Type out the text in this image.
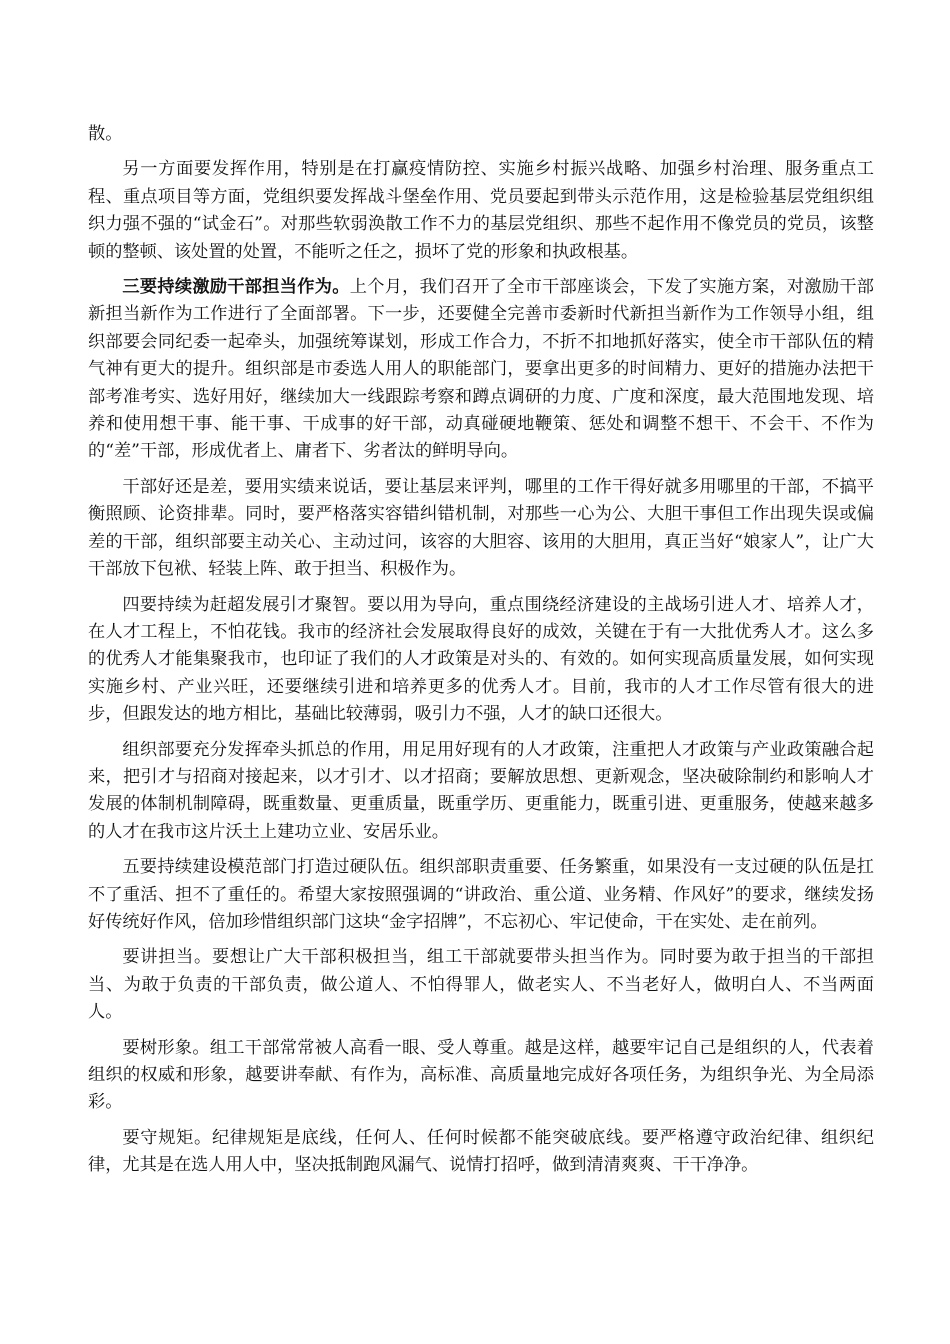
散。

另一方面要发挥作用，特别是在打赢疫情防控、实施乡村振兴战略、加强乡村治理、服务重点工程、重点项目等方面，党组织要发挥战斗堡垒作用、党员要起到带头示范作用，这是检验基层党组织组织力强不强的“试金石”。对那些软弱涣散工作不力的基层党组织、那些不起作用不像党员的党员，该整顿的整顿、该处置的处置，不能听之任之，损坏了党的形象和执政根基。

三要持续激励干部担当作为。上个月，我们召开了全市干部座谈会，下发了实施方案，对激励干部新担当新作为工作进行了全面部署。下一步，还要健全完善市委新时代新担当新作为工作领导小组，组织部要会同纪委一起牵头，加强统筹谋划，形成工作合力，不折不扣地抓好落实，使全市干部队伍的精气神有更大的提升。组织部是市委选人用人的职能部门，要拿出更多的时间精力、更好的措施办法把干部考准考实、选好用好，继续加大一线跟踪考察和蹲点调研的力度、广度和深度，最大范围地发现、培养和使用想干事、能干事、干成事的好干部，动真碰硬地鞭策、惩处和调整不想干、不会干、不作为的“差”干部，形成优者上、庸者下、劣者汰的鲜明导向。

干部好还是差，要用实绩来说话，要让基层来评判，哪里的工作干得好就多用哪里的干部，不搞平衡照顾、论资排辈。同时，要严格落实容错纠错机制，对那些一心为公、大胆干事但工作出现失误或偏差的干部，组织部要主动关心、主动过问，该容的大胆容、该用的大胆用，真正当好“娘家人”，让广大干部放下包袱、轻装上阵、敢于担当、积极作为。

四要持续为赶超发展引才聚智。要以用为导向，重点围绕经济建设的主战场引进人才、培养人才，在人才工程上，不怕花钱。我市的经济社会发展取得良好的成效，关键在于有一大批优秀人才。这么多的优秀人才能集聚我市，也印证了我们的人才政策是对头的、有效的。如何实现高质量发展，如何实现实施乡村、产业兴旺，还要继续引进和培养更多的优秀人才。目前，我市的人才工作尽管有很大的进步，但跟发达的地方相比，基础比较薄弱，吸引力不强，人才的缺口还很大。

组织部要充分发挥牵头抓总的作用，用足用好现有的人才政策，注重把人才政策与产业政策融合起来，把引才与招商对接起来，以才引才、以才招商；要解放思想、更新观念，坚决破除制约和影响人才发展的体制机制障碍，既重数量、更重质量，既重学历、更重能力，既重引进、更重服务，使越来越多的人才在我市这片沃土上建功立业、安居乐业。

五要持续建设模范部门打造过硬队伍。组织部职责重要、任务繁重，如果没有一支过硬的队伍是扛不了重活、担不了重任的。希望大家按照强调的“讲政治、重公道、业务精、作风好”的要求，继续发扬好传统好作风，倍加珍惜组织部门这块“金字招牌”，不忘初心、牢记使命，干在实处、走在前列。

要讲担当。要想让广大干部积极担当，组工干部就要带头担当作为。同时要为敢于担当的干部担当、为敢于负责的干部负责，做公道人、不怕得罪人，做老实人、不当老好人，做明白人、不当两面人。

要树形象。组工干部常常被人高看一眼、受人尊重。越是这样，越要牢记自己是组织的人，代表着组织的权威和形象，越要讲奉献、有作为，高标准、高质量地完成好各项任务，为组织争光、为全局添彩。

要守规矩。纪律规矩是底线，任何人、任何时候都不能突破底线。要严格遵守政治纪律、组织纪律，尤其是在选人用人中，坚决抵制跑风漏气、说情打招呼，做到清清爽爽、干干净净。
